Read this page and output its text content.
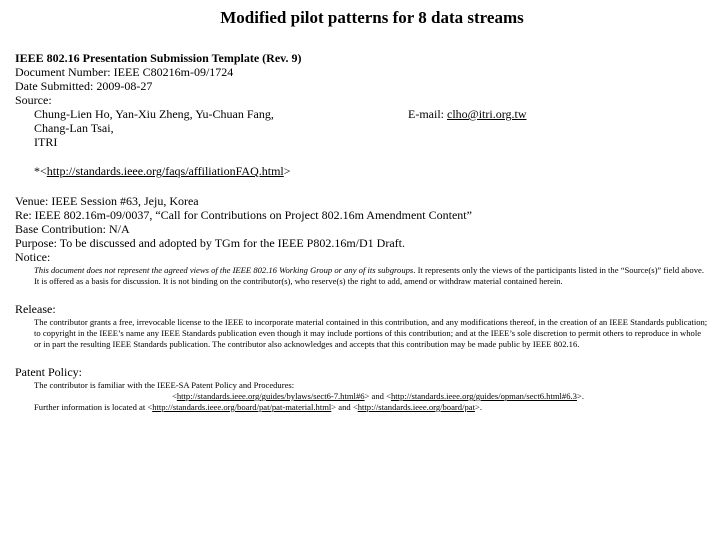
Modified pilot patterns for 8 data streams
IEEE 802.16 Presentation Submission Template (Rev. 9)
Document Number: IEEE C80216m-09/1724
Date Submitted: 2009-08-27
Source:
Chung-Lien Ho, Yan-Xiu Zheng, Yu-Chuan Fang,	E-mail: clho@itri.org.tw
Chang-Lan Tsai,
ITRI
*<http://standards.ieee.org/faqs/affiliationFAQ.html>
Venue: IEEE Session #63, Jeju, Korea
Re: IEEE 802.16m-09/0037, “Call for Contributions on Project 802.16m Amendment Content”
Base Contribution: N/A
Purpose: To be discussed and adopted by TGm for the IEEE P802.16m/D1 Draft.
Notice:
This document does not represent the agreed views of the IEEE 802.16 Working Group or any of its subgroups. It represents only the views of the participants listed in the “Source(s)” field above. It is offered as a basis for discussion. It is not binding on the contributor(s), who reserve(s) the right to add, amend or withdraw material contained herein.
Release:
The contributor grants a free, irrevocable license to the IEEE to incorporate material contained in this contribution, and any modifications thereof, in the creation of an IEEE Standards publication; to copyright in the IEEE’s name any IEEE Standards publication even though it may include portions of this contribution; and at the IEEE’s sole discretion to permit others to reproduce in whole or in part the resulting IEEE Standards publication. The contributor also acknowledges and accepts that this contribution may be made public by IEEE 802.16.
Patent Policy:
The contributor is familiar with the IEEE-SA Patent Policy and Procedures:
<http://standards.ieee.org/guides/bylaws/sect6-7.html#6> and <http://standards.ieee.org/guides/opman/sect6.html#6.3>.
Further information is located at <http://standards.ieee.org/board/pat/pat-material.html> and <http://standards.ieee.org/board/pat>.
